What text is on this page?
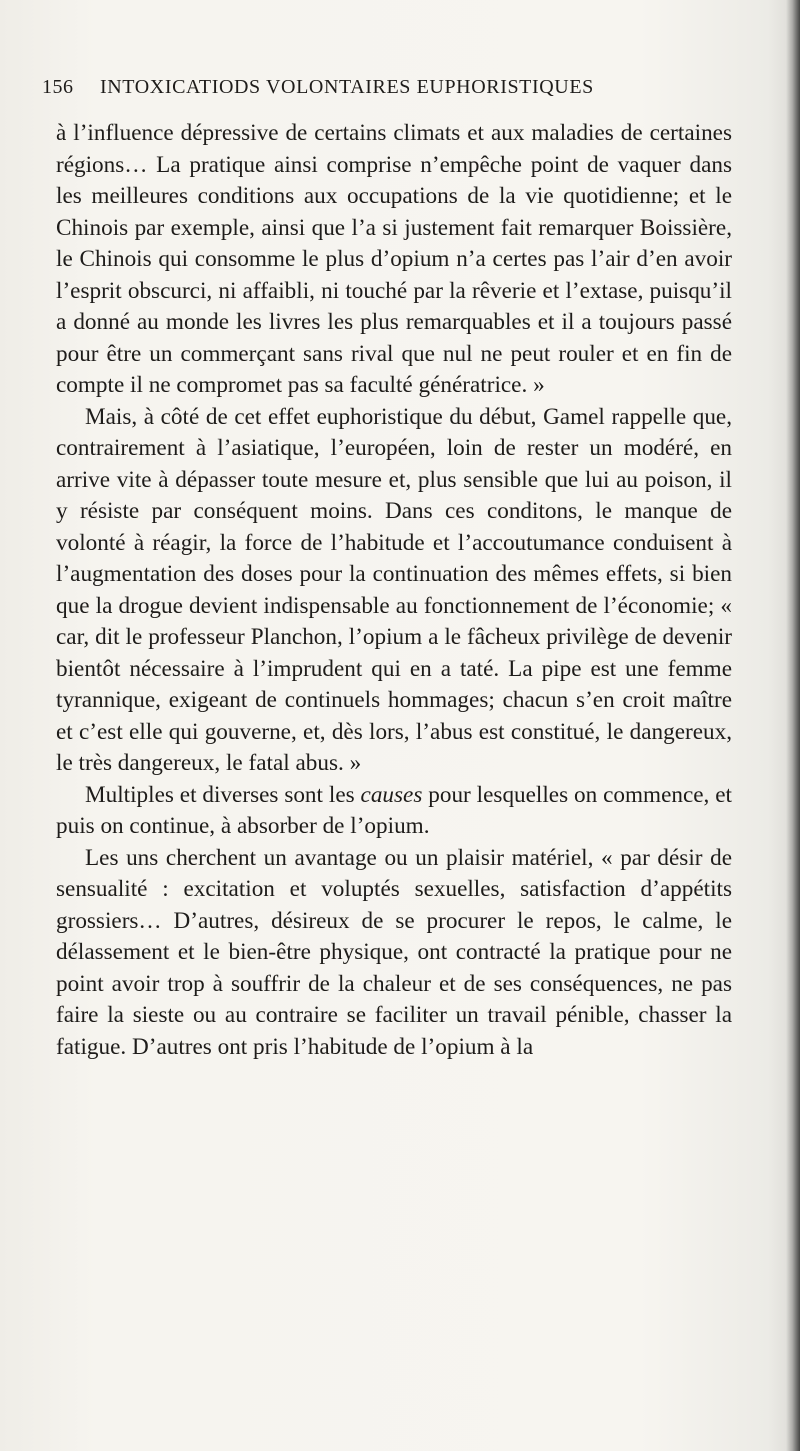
156 INTOXICATIODS VOLONTAIRES EUPHORISTIQUES

à l’influence dépressive de certains climats et aux maladies de certaines régions… La pratique ainsi comprise n’empêche point de vaquer dans les meilleures conditions aux occupations de la vie quotidienne; et le Chinois par exemple, ainsi que l’a si justement fait remarquer Boissière, le Chinois qui consomme le plus d’opium n’a certes pas l’air d’en avoir l’esprit obscurci, ni affaibli, ni touché par la rêverie et l’extase, puisqu’il a donné au monde les livres les plus remarquables et il a toujours passé pour être un commerçant sans rival que nul ne peut rouler et en fin de compte il ne compromet pas sa faculté génératrice. »

Mais, à côté de cet effet euphoristique du début, Gamel rappelle que, contrairement à l’asiatique, l’européen, loin de rester un modéré, en arrive vite à dépasser toute mesure et, plus sensible que lui au poison, il y résiste par conséquent moins. Dans ces conditons, le manque de volonté à réagir, la force de l’habitude et l’accoutumance conduisent à l’augmentation des doses pour la continuation des mêmes effets, si bien que la drogue devient indispensable au fonctionnement de l’économie; « car, dit le professeur Planchon, l’opium a le fâcheux privilège de devenir bientôt nécessaire à l’imprudent qui en a taté. La pipe est une femme tyrannique, exigeant de continuels hommages; chacun s’en croit maître et c’est elle qui gouverne, et, dès lors, l’abus est constitué, le dangereux, le très dangereux, le fatal abus. »

Multiples et diverses sont les causes pour lesquelles on commence, et puis on continue, à absorber de l’opium.

Les uns cherchent un avantage ou un plaisir matériel, « par désir de sensualité : excitation et voluptés sexuelles, satisfaction d’appétits grossiers… D’autres, désireux de se procurer le repos, le calme, le délassement et le bien-être physique, ont contracté la pratique pour ne point avoir trop à souffrir de la chaleur et de ses conséquences, ne pas faire la sieste ou au contraire se faciliter un travail pénible, chasser la fatigue. D’autres ont pris l’habitude de l’opium à la
